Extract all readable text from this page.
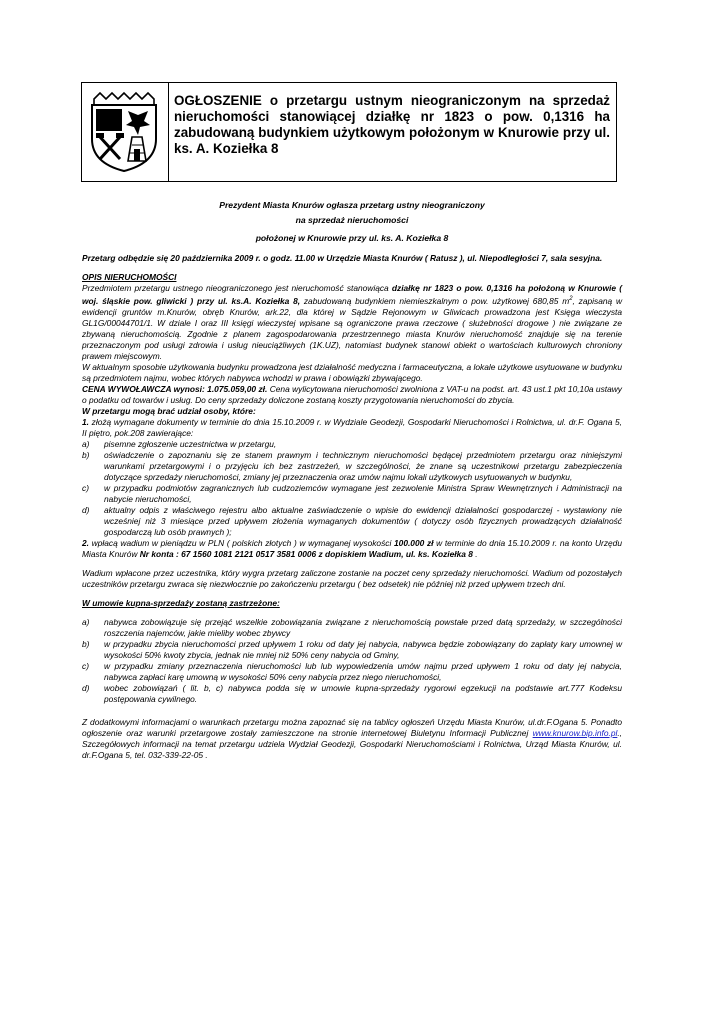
OGŁOSZENIE o przetargu ustnym nieograniczonym na sprzedaż nieruchomości stanowiącej działkę nr 1823 o pow. 0,1316 ha zabudowaną budynkiem użytkowym położonym w Knurowie przy ul. ks. A. Koziełka 8
Prezydent Miasta Knurów ogłasza przetarg ustny nieograniczony
na sprzedaż nieruchomości
położonej w Knurowie przy ul. ks. A. Koziełka 8

Przetarg odbędzie się 20 października 2009 r. o godz. 11.00 w Urzędzie Miasta Knurów ( Ratusz ), ul. Niepodległości 7, sala sesyjna.

OPIS NIERUCHOMOŚCI

Przedmiotem przetargu ustnego nieograniczonego jest nieruchomość stanowiąca działkę nr 1823 o pow. 0,1316 ha położoną w Knurowie ( woj. śląskie pow. gliwicki ) przy ul. ks.A. Koziełka 8, zabudowaną budynkiem niemieszkalnym o pow. użytkowej 680,85 $m^2$, zapisaną w ewidencji gruntów m.Knurów, obręb Knurów, ark.22, dla której w Sądzie Rejonowym w Gliwicach prowadzona jest Księga wieczysta GL1G/00044701/1. W dziale I oraz III księgi wieczystej wpisane są ograniczone prawa rzeczowe ( służebności drogowe ) nie związane ze zbywaną nieruchomością. Zgodnie z planem zagospodarowania przestrzennego miasta Knurów nieruchomość znajduje się na terenie przeznaczonym pod usługi zdrowia i usług nieuciążliwych (1K.UZ), natomiast budynek stanowi obiekt o wartościach kulturowych chroniony prawem miejscowym.

W aktualnym sposobie użytkowania budynku prowadzona jest działalność medyczna i farmaceutyczna, a lokale użytkowe usytuowane w budynku są przedmiotem najmu, wobec których nabywca wchodzi w prawa i obowiązki zbywającego.

CENA WYWOŁAWCZA wynosi: 1.075.059,00 zł. Cena wylicytowana nieruchomości zwolniona z VAT-u na podst. art. 43 ust.1 pkt 10,10a ustawy o podatku od towarów i usług. Do ceny sprzedaży doliczone zostaną koszty przygotowania nieruchomości do zbycia.

W przetargu mogą brać udział osoby, które:

1. złożą wymagane dokumenty w terminie do dnia 15.10.2009 r. w Wydziale Geodezji, Gospodarki Nieruchomości i Rolnictwa, ul. dr.F. Ogana 5, II piętro, pok.208 zawierające:

a)	pisemne zgłoszenie uczestnictwa w przetargu,
b)	oświadczenie o zapoznaniu się ze stanem prawnym i technicznym nieruchomości będącej przedmiotem przetargu oraz niniejszymi warunkami przetargowymi i o przyjęciu ich bez zastrzeżeń, w szczególności, że znane są uczestnikowi przetargu zabezpieczenia dotyczące sprzedaży nieruchomości, zmiany jej przeznaczenia oraz umów najmu lokali użytkowych usytuowanych w budynku,
c)	w przypadku podmiotów zagranicznych lub cudzoziemców wymagane jest zezwolenie Ministra Spraw Wewnętrznych i Administracji na nabycie nieruchomości,
d)	aktualny odpis z właściwego rejestru albo aktualne zaświadczenie o wpisie do ewidencji działalności gospodarczej - wystawiony nie wcześniej niż 3 miesiące przed upływem złożenia wymaganych dokumentów ( dotyczy osób fizycznych prowadzących działalność gospodarczą lub osób prawnych );

2. wpłacą wadium w pieniądzu w PLN ( polskich złotych ) w wymaganej wysokości 100.000 zł w terminie do dnia 15.10.2009 r. na konto Urzędu Miasta Knurów Nr konta : 67 1560 1081 2121 0517 3581 0006 z dopiskiem Wadium, ul. ks. Koziełka 8 .

Wadium wpłacone przez uczestnika, który wygra przetarg zaliczone zostanie na poczet ceny sprzedaży nieruchomości. Wadium od pozostałych uczestników przetargu zwraca się niezwłocznie po zakończeniu przetargu ( bez odsetek) nie później niż przed upływem trzech dni.

W umowie kupna-sprzedaży zostaną zastrzeżone:

a)	nabywca zobowiązuje się przejąć wszelkie zobowiązania związane z nieruchomością powstałe przed datą sprzedaży, w szczególności roszczenia najemców, jakie mieliby wobec zbywcy
b)	w przypadku zbycia nieruchomości przed upływem 1 roku od daty jej nabycia, nabywca będzie zobowiązany do zapłaty kary umownej w wysokości 50% kwoty zbycia, jednak nie mniej niż 50% ceny nabycia od Gminy,
c)	w przypadku zmiany przeznaczenia nieruchomości lub lub wypowiedzenia umów najmu przed upływem 1 roku od daty jej nabycia, nabywca zapłaci karę umowną w wysokości 50% ceny nabycia przez niego nieruchomości,
d)	wobec zobowiązań ( lit. b, c) nabywca podda się w umowie kupna-sprzedaży rygorowi egzekucji na podstawie art.777 Kodeksu postępowania cywilnego.

Z dodatkowymi informacjami o warunkach przetargu można zapoznać się na tablicy ogłoszeń Urzędu Miasta Knurów, ul.dr.F.Ogana 5. Ponadto ogłoszenie oraz warunki przetargowe zostały zamieszczone na stronie internetowej Biuletynu Informacji Publicznej www.knurow.bip.info.pl., Szczegółowych informacji na temat przetargu udziela Wydział Geodezji, Gospodarki Nieruchomościami i Rolnictwa, Urząd Miasta Knurów, ul. dr.F.Ogana 5, tel. 032-339-22-05 .
